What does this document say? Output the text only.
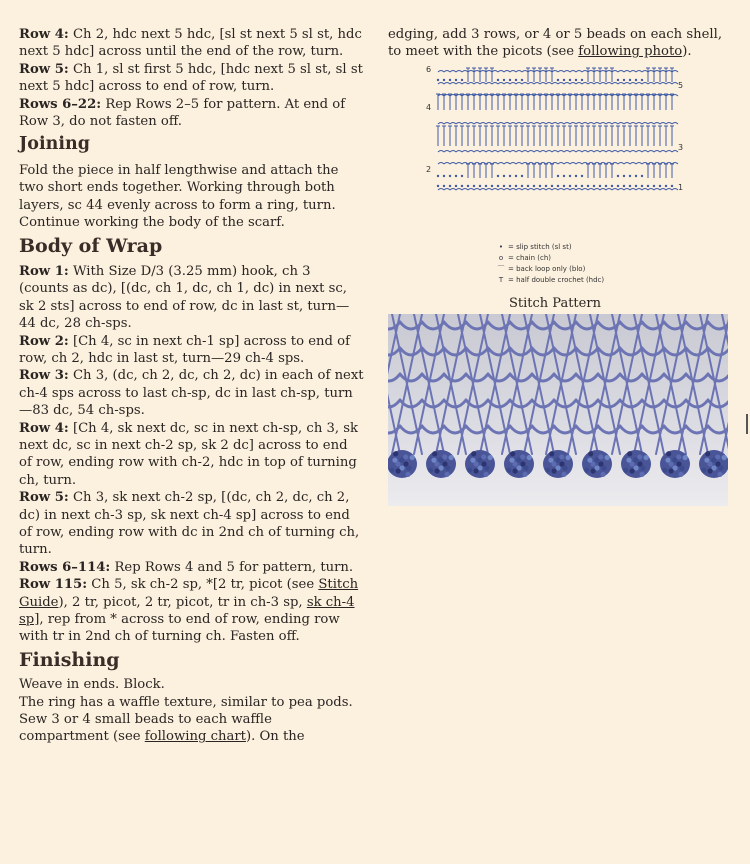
Row 4: Ch 2, hdc next 5 hdc, [sl st next 5 sl st, hdc next 5 hdc] across until the end of the row, turn.

Row 5: Ch 1, sl st first 5 hdc, [hdc next 5 sl st, sl st next 5 hdc] across to end of row, turn.

Rows 6–22: Rep Rows 2–5 for pattern. At end of Row 3, do not fasten off.

Joining

Fold the piece in half lengthwise and attach the two short ends together. Working through both layers, sc 44 evenly across to form a ring, turn. Continue working the body of the scarf.

Body of Wrap

Row 1: With Size D/3 (3.25 mm) hook, ch 3 (counts as dc), [(dc, ch 1, dc, ch 1, dc) in next sc, sk 2 sts] across to end of row, dc in last st, turn—44 dc, 28 ch-sps.

Row 2: [Ch 4, sc in next ch-1 sp] across to end of row, ch 2, hdc in last st, turn—29 ch-4 sps.

Row 3: Ch 3, (dc, ch 2, dc, ch 2, dc) in each of next ch-4 sps across to last ch-sp, dc in last ch-sp, turn—83 dc, 54 ch-sps.

Row 4: [Ch 4, sk next dc, sc in next ch-sp, ch 3, sk next dc, sc in next ch-2 sp, sk 2 dc] across to end of row, ending row with ch-2, hdc in top of turning ch, turn.

Row 5: Ch 3, sk next ch-2 sp, [(dc, ch 2, dc, ch 2, dc) in next ch-3 sp, sk next ch-4 sp] across to end of row, ending row with dc in 2nd ch of turning ch, turn.

Rows 6–114: Rep Rows 4 and 5 for pattern, turn.

Row 115: Ch 5, sk ch-2 sp, *[2 tr, picot (see Stitch Guide), 2 tr, picot, 2 tr, picot, tr in ch-3 sp, sk ch-4 sp], rep from * across to end of row, ending row with tr in 2nd ch of turning ch. Fasten off.

Finishing

Weave in ends. Block.

The ring has a waffle texture, similar to pea pods. Sew 3 or 4 small beads to each waffle compartment (see following chart). On the

edging, add 3 rows, or 4 or 5 beads on each shell, to meet with the picots (see following photo).

6
5
4
3
2
1
• = slip stitch (sl st)
o = chain (ch)
⌒ = back loop only (blo)
T = half double crochet (hdc)
Stitch Pattern
